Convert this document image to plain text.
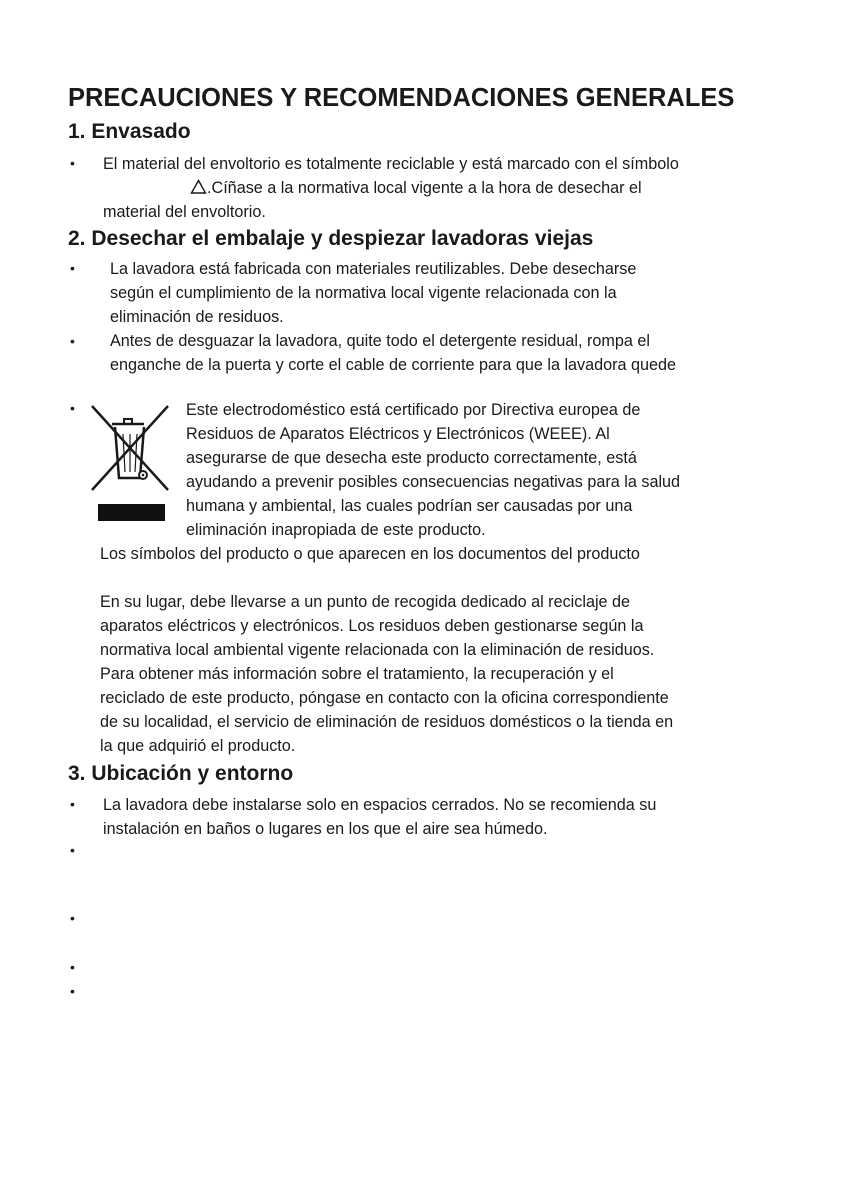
PRECAUCIONES Y RECOMENDACIONES GENERALES
1. Envasado
• El material del envoltorio es totalmente reciclable y está marcado con el símbolo
.Cíñase a la normativa local vigente a la hora de desechar el
material del envoltorio.
2. Desechar el embalaje y despiezar lavadoras viejas
• La lavadora está fabricada con materiales reutilizables. Debe desecharse
según el cumplimiento de la normativa local vigente relacionada con la
eliminación de residuos.
• Antes de desguazar la lavadora, quite todo el detergente residual, rompa el
enganche de la puerta y corte el cable de corriente para que la lavadora quede
•	Este electrodoméstico está certificado por Directiva europea de
Residuos de Aparatos Eléctricos y Electrónicos (WEEE). Al
asegurarse de que desecha este producto correctamente, está
ayudando a prevenir posibles consecuencias negativas para la salud
humana y ambiental, las cuales podrían ser causadas por una
eliminación inapropiada de este producto.
Los símbolos del producto o que aparecen en los documentos del producto
En su lugar, debe llevarse a un punto de recogida dedicado al reciclaje de
aparatos eléctricos y electrónicos. Los residuos deben gestionarse según la
normativa local ambiental vigente relacionada con la eliminación de residuos.
Para obtener más información sobre el tratamiento, la recuperación y el
reciclado de este producto, póngase en contacto con la oficina correspondiente
de su localidad, el servicio de eliminación de residuos domésticos o la tienda en
la que adquirió el producto.
3. Ubicación y entorno
• La lavadora debe instalarse solo en espacios cerrados. No se recomienda su
instalación en baños o lugares en los que el aire sea húmedo.
•
•
•
•
